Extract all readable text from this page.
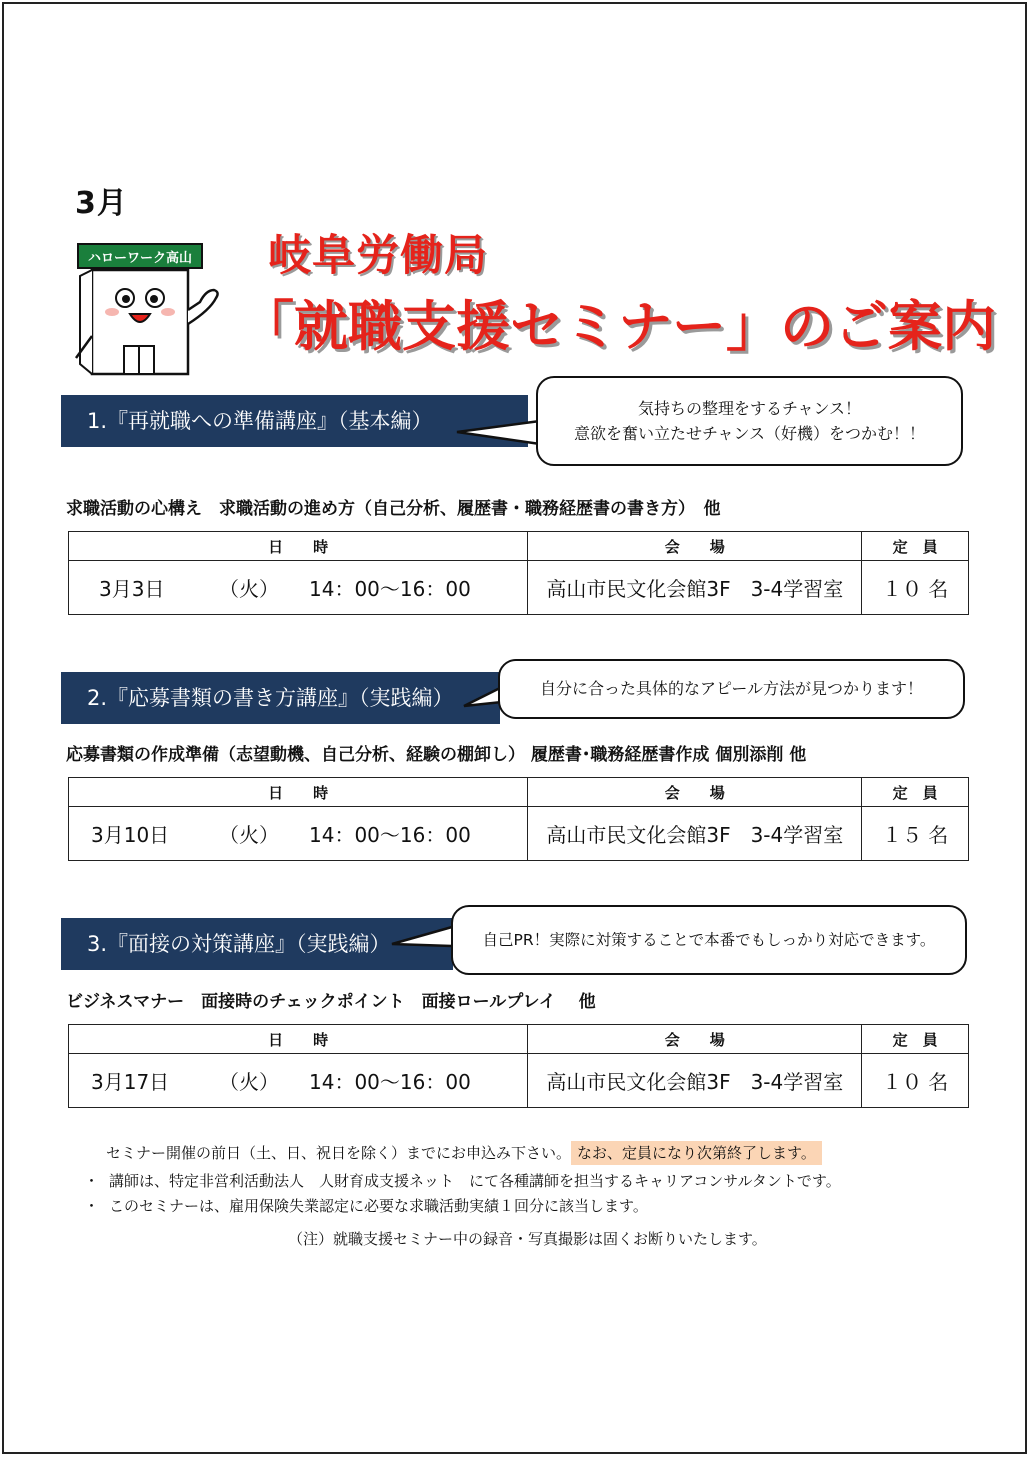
3月
ハローワーク高山 岐阜労働局
「就職支援セミナー」のご案内
1.『再就職への準備講座』（基本編）
気持ちの整理をするチャンス！
意欲を奮い立たせチャンス（好機）をつかむ！！
求職活動の心構え　求職活動の進め方（自己分析、履歴書・職務経歴書の書き方）　他
日　　時	会　　場	定　員

3月3日 （火） 14：00～16：00	高山市民文化会館3F　3-4学習室	１０ 名
2.『応募書類の書き方講座』（実践編）	自分に合った具体的なアピール方法が見つかります！
応募書類の作成準備（志望動機、自己分析、経験の棚卸し） 履歴書･職務経歴書作成 個別添削 他
日　　時	会　　場	定　員

3月10日 （火） 14：00～16：00	高山市民文化会館3F　3-4学習室	１５ 名
3.『面接の対策講座』（実践編）	自己PR！実際に対策することで本番でもしっかり対応できます。
ビジネスマナー　面接時のチェックポイント　面接ロールプレイ　 他
日　　時	会　　場	定　員

3月17日 （火） 14：00～16：00	高山市民文化会館3F　3-4学習室	１０ 名
セミナー開催の前日（土、日、祝日を除く）までにお申込み下さい。 なお、定員になり次第終了します。
・ 講師は、特定非営利活動法人　人財育成支援ネット　にて各種講師を担当するキャリアコンサルタントです。
・ このセミナーは、雇用保険失業認定に必要な求職活動実績１回分に該当します。
（注）就職支援セミナー中の録音・写真撮影は固くお断りいたします。
